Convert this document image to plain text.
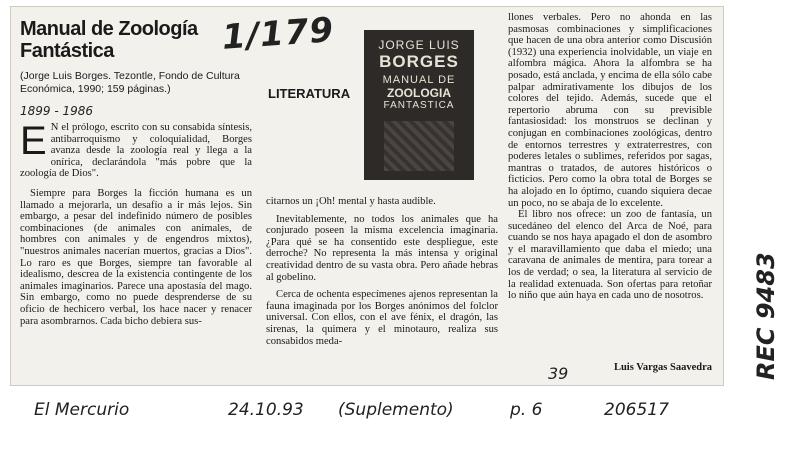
Manual de Zoología Fantástica
(Jorge Luis Borges. Tezontle, Fondo de Cultura Económica, 1990; 159 páginas.)
1899 - 1986
1/179
LITERATURA
JORGE LUIS
BORGES
MANUAL DE
ZOOLOGIA
FANTASTICA
E N el prólogo, escrito con su consabida síntesis, antibarroquismo y coloquialidad, Borges avanza desde la zoología real y llega a la onírica, declarándola "más pobre que la zoología de Dios".

Siempre para Borges la ficción humana es un llamado a mejorarla, un desafío a ir más lejos. Sin embargo, a pesar del indefinido número de posibles combinaciones (de animales con animales, de hombres con animales y de engendros mixtos), "nuestros animales nacerían muertos, gracias a Dios". Lo raro es que Borges, siempre tan favorable al idealismo, descrea de la existencia contingente de los animales imaginarios. Parece una apostasía del mago. Sin embargo, como no puede desprenderse de su oficio de hechicero verbal, los hace nacer y renacer para asombrarnos. Cada bicho debiera sus-

citarnos un ¡Oh! mental y hasta audible.

Inevitablemente, no todos los animales que ha conjurado poseen la misma excelencia imaginaria. ¿Para qué se ha consentido este despliegue, este derroche? No representa la más intensa y original creatividad dentro de su vasta obra. Pero añade hebras al gobelino.

Cerca de ochenta especímenes ajenos representan la fauna imaginada por los Borges anónimos del folclor universal. Con ellos, con el ave fénix, el dragón, las sirenas, la quimera y el minotauro, realiza sus consabidos meda-

llones verbales. Pero no ahonda en las pasmosas combinaciones y simplificaciones que hacen de una obra anterior como Discusión (1932) una experiencia inolvidable, un viaje en alfombra mágica. Ahora la alfombra se ha posado, está anclada, y encima de ella sólo cabe palpar admirativamente los dibujos de los colores del tejido. Además, sucede que el repertorio abruma con su previsible fantasiosidad: los monstruos se declinan y conjugan en combinaciones zoológicas, dentro de entornos terrestres y extraterrestres, con poderes letales o sublimes, referidos por sagas, mantras o tratados, de autores históricos o ficticios. Pero como la obra total de Borges se ha alojado en lo óptimo, cuando siquiera decae un poco, no se abaja de lo excelente.

El libro nos ofrece: un zoo de fantasía, un sucedáneo del elenco del Arca de Noé, para cuando se nos haya apagado el don de asombro y el maravillamiento que daba el miedo; una caravana de animales de mentira, para torear a los de verdad; o sea, la literatura al servicio de la realidad extenuada. Son ofertas para retoñar lo niño que aún haya en cada uno de nosotros.

39	Luis Vargas Saavedra REC 9483
El Mercurio	24.10.93 (Suplemento)	p. 6	206517
